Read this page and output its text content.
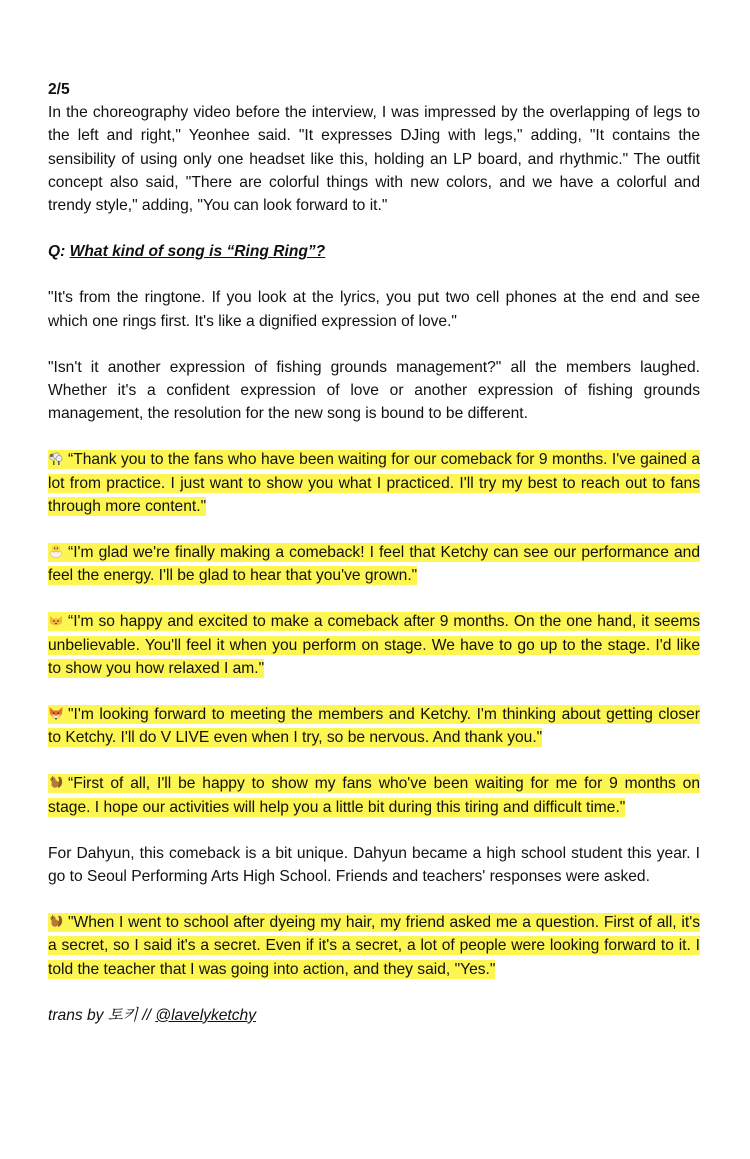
2/5

In the choreography video before the interview, I was impressed by the overlapping of legs to the left and right," Yeonhee said. "It expresses DJing with legs," adding, "It contains the sensibility of using only one headset like this, holding an LP board, and rhythmic." The outfit concept also said, "There are colorful things with new colors, and we have a colorful and trendy style," adding, "You can look forward to it."

Q: What kind of song is “Ring Ring”?

"It's from the ringtone. If you look at the lyrics, you put two cell phones at the end and see which one rings first. It's like a dignified expression of love."

"Isn't it another expression of fishing grounds management?" all the members laughed. Whether it's a confident expression of love or another expression of fishing grounds management, the resolution for the new song is bound to be different.

“Thank you to the fans who have been waiting for our comeback for 9 months. I've gained a lot from practice. I just want to show you what I practiced. I'll try my best to reach out to fans through more content."

“I'm glad we're finally making a comeback! I feel that Ketchy can see our performance and feel the energy. I'll be glad to hear that you've grown."

“I'm so happy and excited to make a comeback after 9 months. On the one hand, it seems unbelievable. You'll feel it when you perform on stage. We have to go up to the stage. I'd like to show you how relaxed I am."

"I'm looking forward to meeting the members and Ketchy. I'm thinking about getting closer to Ketchy. I'll do V LIVE even when I try, so be nervous. And thank you."

“First of all, I'll be happy to show my fans who've been waiting for me for 9 months on stage. I hope our activities will help you a little bit during this tiring and difficult time."

For Dahyun, this comeback is a bit unique. Dahyun became a high school student this year. I go to Seoul Performing Arts High School. Friends and teachers' responses were asked.

"When I went to school after dyeing my hair, my friend asked me a question. First of all, it's a secret, so I said it's a secret. Even if it's a secret, a lot of people were looking forward to it. I told the teacher that I was going into action, and they said, "Yes."

trans by 토키 // @lavelyketchy
